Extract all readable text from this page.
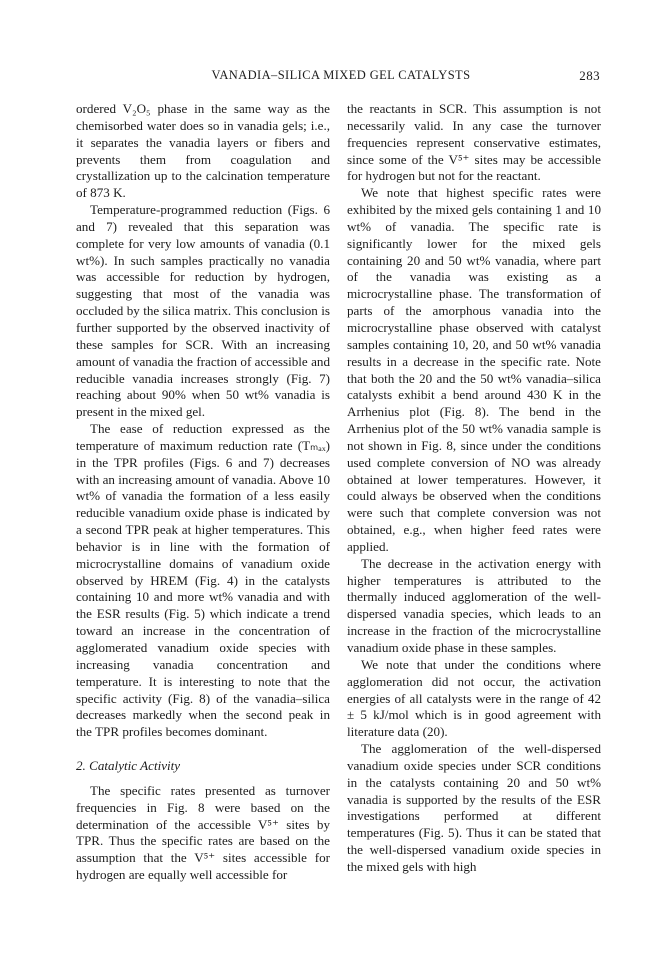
VANADIA–SILICA MIXED GEL CATALYSTS	283

ordered V₂O₅ phase in the same way as the chemisorbed water does so in vanadia gels; i.e., it separates the vanadia layers or fibers and prevents them from coagulation and crystallization up to the calcination temperature of 873 K.

Temperature-programmed reduction (Figs. 6 and 7) revealed that this separation was complete for very low amounts of vanadia (0.1 wt%). In such samples practically no vanadia was accessible for reduction by hydrogen, suggesting that most of the vanadia was occluded by the silica matrix. This conclusion is further supported by the observed inactivity of these samples for SCR. With an increasing amount of vanadia the fraction of accessible and reducible vanadia increases strongly (Fig. 7) reaching about 90% when 50 wt% vanadia is present in the mixed gel.

The ease of reduction expressed as the temperature of maximum reduction rate (Tₘₐₓ) in the TPR profiles (Figs. 6 and 7) decreases with an increasing amount of vanadia. Above 10 wt% of vanadia the formation of a less easily reducible vanadium oxide phase is indicated by a second TPR peak at higher temperatures. This behavior is in line with the formation of microcrystalline domains of vanadium oxide observed by HREM (Fig. 4) in the catalysts containing 10 and more wt% vanadia and with the ESR results (Fig. 5) which indicate a trend toward an increase in the concentration of agglomerated vanadium oxide species with increasing vanadia concentration and temperature. It is interesting to note that the specific activity (Fig. 8) of the vanadia–silica decreases markedly when the second peak in the TPR profiles becomes dominant.

2. Catalytic Activity

The specific rates presented as turnover frequencies in Fig. 8 were based on the determination of the accessible V⁵⁺ sites by TPR. Thus the specific rates are based on the assumption that the V⁵⁺ sites accessible for hydrogen are equally well accessible for

the reactants in SCR. This assumption is not necessarily valid. In any case the turnover frequencies represent conservative estimates, since some of the V⁵⁺ sites may be accessible for hydrogen but not for the reactant.

We note that highest specific rates were exhibited by the mixed gels containing 1 and 10 wt% of vanadia. The specific rate is significantly lower for the mixed gels containing 20 and 50 wt% vanadia, where part of the vanadia was existing as a microcrystalline phase. The transformation of parts of the amorphous vanadia into the microcrystalline phase observed with catalyst samples containing 10, 20, and 50 wt% vanadia results in a decrease in the specific rate. Note that both the 20 and the 50 wt% vanadia–silica catalysts exhibit a bend around 430 K in the Arrhenius plot (Fig. 8). The bend in the Arrhenius plot of the 50 wt% vanadia sample is not shown in Fig. 8, since under the conditions used complete conversion of NO was already obtained at lower temperatures. However, it could always be observed when the conditions were such that complete conversion was not obtained, e.g., when higher feed rates were applied.

The decrease in the activation energy with higher temperatures is attributed to the thermally induced agglomeration of the well-dispersed vanadia species, which leads to an increase in the fraction of the microcrystalline vanadium oxide phase in these samples.

We note that under the conditions where agglomeration did not occur, the activation energies of all catalysts were in the range of 42 ± 5 kJ/mol which is in good agreement with literature data (20).

The agglomeration of the well-dispersed vanadium oxide species under SCR conditions in the catalysts containing 20 and 50 wt% vanadia is supported by the results of the ESR investigations performed at different temperatures (Fig. 5). Thus it can be stated that the well-dispersed vanadium oxide species in the mixed gels with high
